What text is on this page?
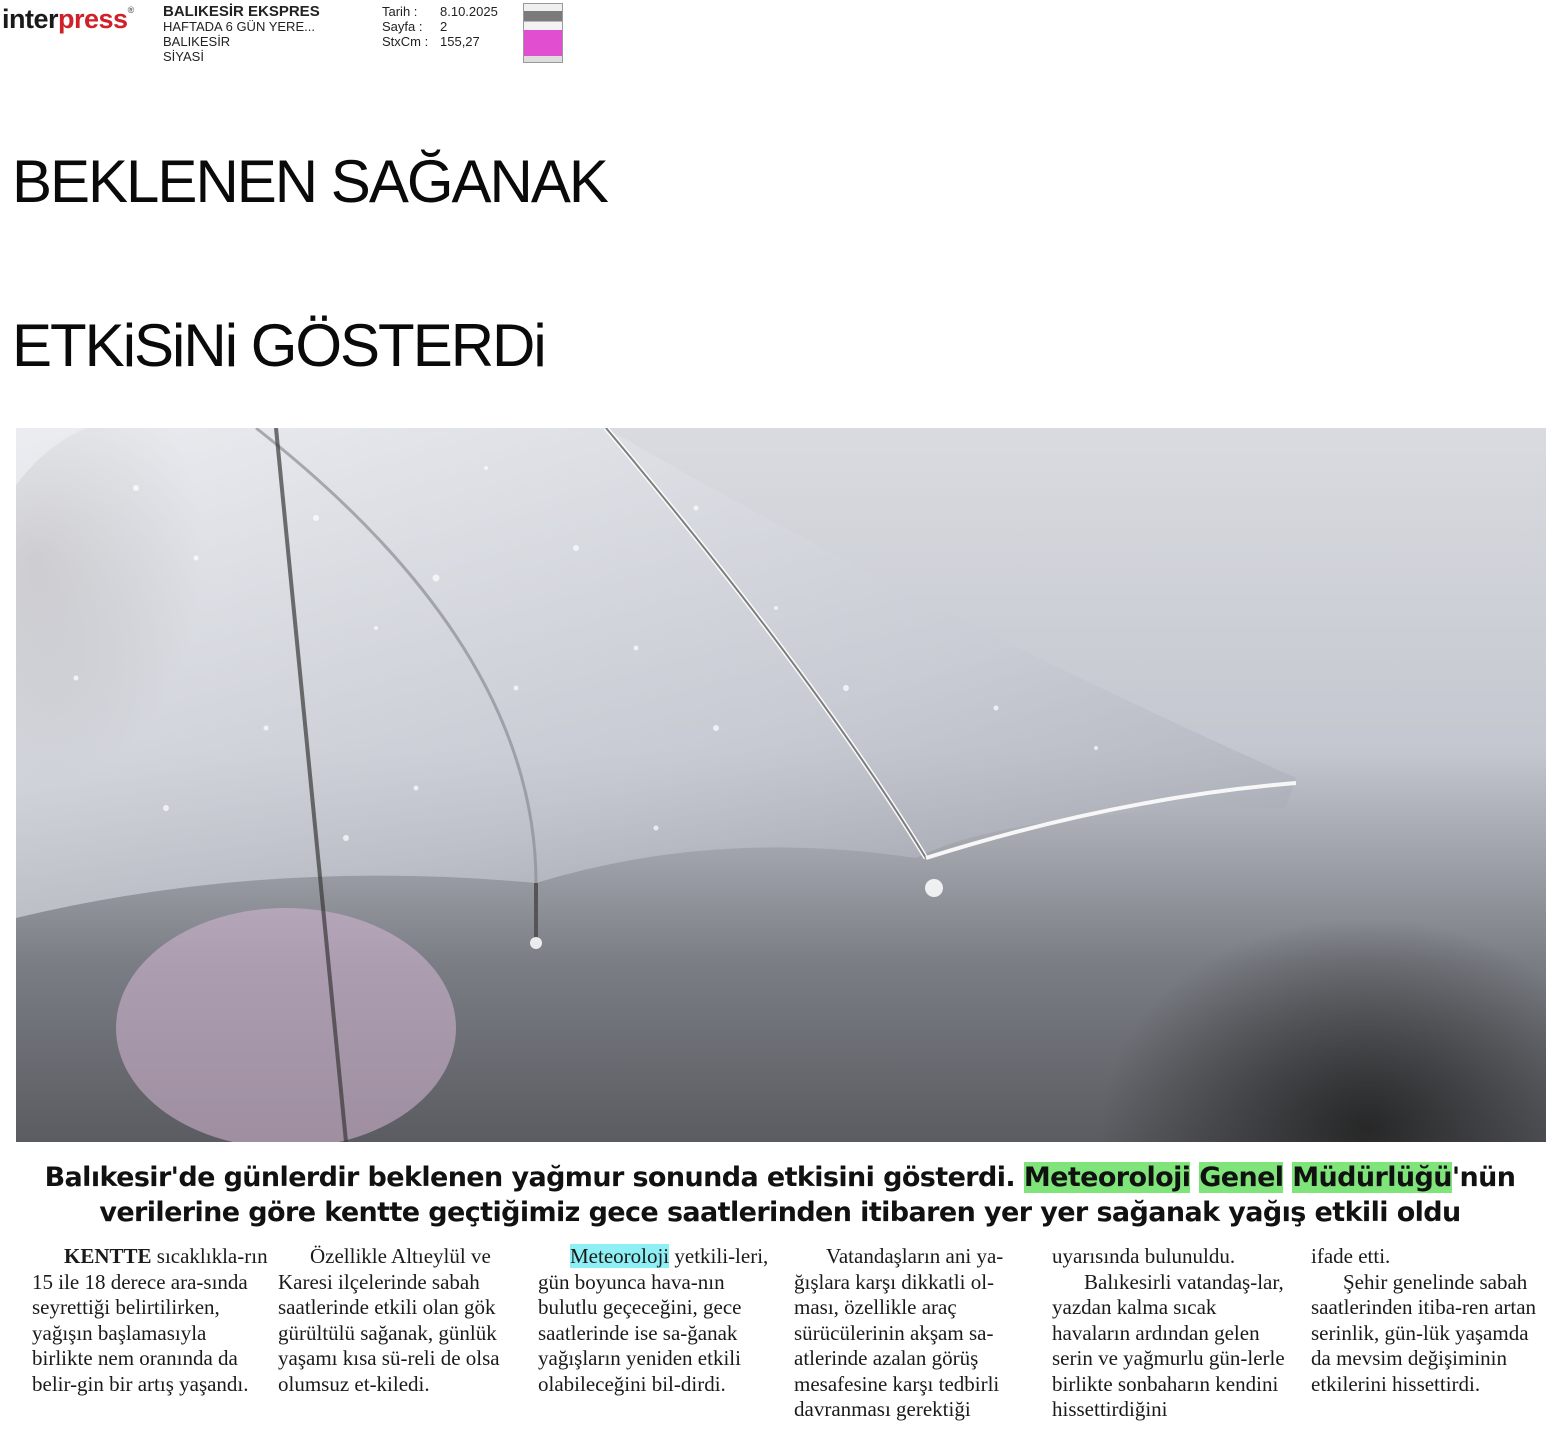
interpress® BALIKESİR EKSPRES
HAFTADA 6 GÜN YERE...
BALIKESİR
SİYASİ
Tarih :	8.10.2025
Sayfa :	2
StxCm : 155,27
BEKLENEN SAĞANAK
ETKiSiNi GÖSTERDi
Balıkesir'de günlerdir beklenen yağmur sonunda etkisini gösterdi. Meteoroloji Genel Müdürlüğü'nün
verilerine göre kentte geçtiğimiz gece saatlerinden itibaren yer yer sağanak yağış etkili oldu

KENTTE sıcaklıkla-rın 15 ile 18 derece ara-sında seyrettiği belirtilirken, yağışın başlamasıyla birlikte nem oranında da belir-gin bir artış yaşandı.

Özellikle Altıeylül ve Karesi ilçelerinde sabah saatlerinde etkili olan gök gürültülü sağanak, günlük yaşamı kısa sü-reli de olsa olumsuz et-kiledi.

Meteoroloji yetkili-leri, gün boyunca hava-nın bulutlu geçeceğini, gece saatlerinde ise sa-ğanak yağışların yeniden etkili olabileceğini bil-dirdi.

Vatandaşların ani ya-ğışlara karşı dikkatli ol-ması, özellikle araç sürücülerinin akşam sa-atlerinde azalan görüş mesafesine karşı tedbirli davranması gerektiği

uyarısında bulunuldu.

Balıkesirli vatandaş-lar, yazdan kalma sıcak havaların ardından gelen serin ve yağmurlu gün-lerle birlikte sonbaharın kendini hissettirdiğini

ifade etti.

Şehir genelinde sabah saatlerinden itiba-ren artan serinlik, gün-lük yaşamda da mevsim değişiminin etkilerini hissettirdi.
